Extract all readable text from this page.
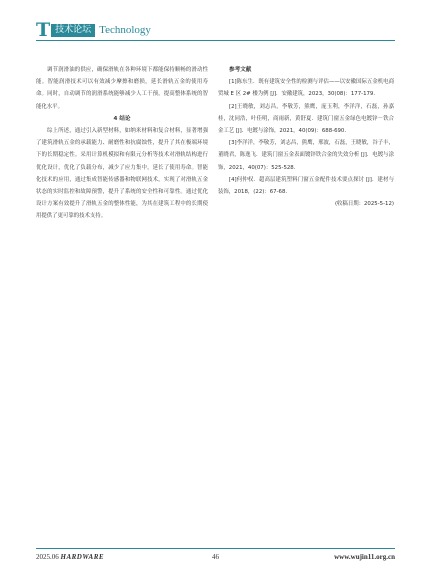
T 技术论坛 Technology

调节润滑油的供应，确保滑轨在各种环境下都能保持顺畅的滑动性能。智能润滑技术可以有效减少摩擦和磨损，延长滑轨五金的使用寿命。同时，自动调节的润滑系统能够减少人工干预，提高整体系统的智能化水平。

4 结论

综上所述，通过引入新型材料，如纳米材料和复合材料，显著增强了建筑滑轨五金的承载能力、耐磨性和抗腐蚀性，提升了其在极端环境下的长期稳定性。采用计算机模拟和有限元分析等技术对滑轨结构进行优化设计，优化了负载分布，减少了应力集中，延长了使用寿命。智能化技术的应用，通过集成智能传感器和物联网技术，实现了对滑轨五金状态的实时监控和故障预警，提升了系统的安全性和可靠性。通过优化设计方案有效提升了滑轨五金的整体性能，为其在建筑工程中的长期使用提供了更可靠的技术支持。

参考文献

[1]陈东生．既有建筑安全性的检测与评估——以安徽国际五金机电商贸城 E 区 2# 楼为例 [J]．安徽建筑，2023，30(08)：177-179．

[2]王晓敏，刘志昌，李敬芳，熊鹰，庞玉利，李洋洋，石磊，孙嘉桂，沈同浩，叶佳明，商雨新，黄舒夏．建筑门窗五金绿色电镀锌－铁合金工艺 [J]．电镀与涂饰，2021，40(09)：688-690．

[3]李洋洋，李敬芳，刘志昌，熊鹰，邢波，石磊，王晓敏，谷子丰，董晓君，陈逸飞．建筑门窗五金表面镀锌铁合金的失效分析 [J]．电镀与涂饰，2021，40(07)：525-528．

[4]何仲权．超高层建筑塑料门窗五金配件技术要点探讨 [J]．建材与装饰，2018，(22)：67-68．

(收稿日期：2025-5-12)

2025.06 HARDWARE	46	www.wujin11.org.cn
